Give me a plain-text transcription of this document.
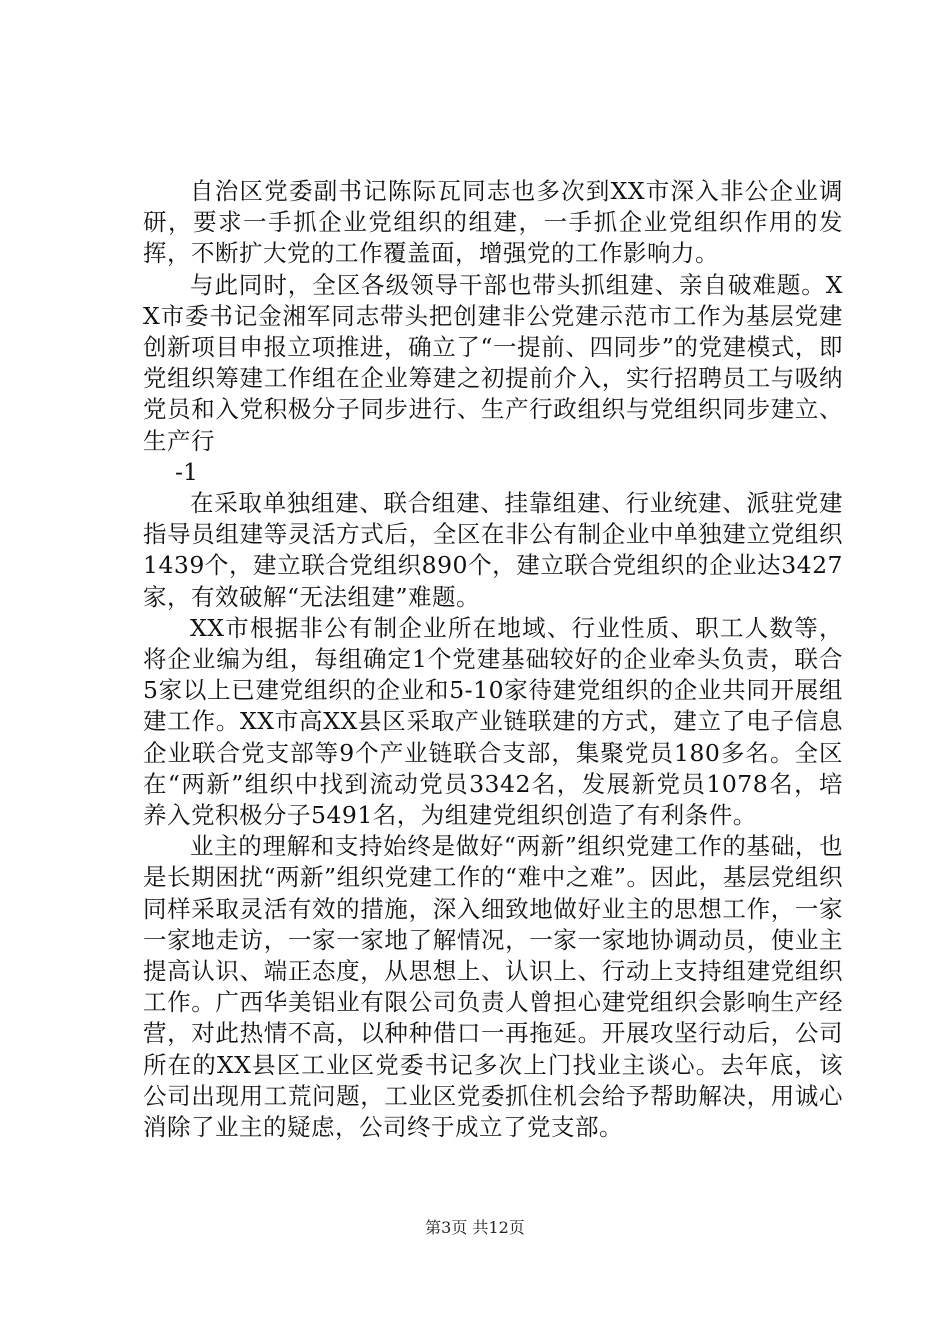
自治区党委副书记陈际瓦同志也多次到XX市深入非公企业调研，要求一手抓企业党组织的组建，一手抓企业党组织作用的发挥，不断扩大党的工作覆盖面，增强党的工作影响力。

与此同时，全区各级领导干部也带头抓组建、亲自破难题。XX市委书记金湘军同志带头把创建非公党建示范市工作为基层党建创新项目申报立项推进，确立了“一提前、四同步”的党建模式，即党组织筹建工作组在企业筹建之初提前介入，实行招聘员工与吸纳党员和入党积极分子同步进行、生产行政组织与党组织同步建立、生产行

-1

在采取单独组建、联合组建、挂靠组建、行业统建、派驻党建指导员组建等灵活方式后，全区在非公有制企业中单独建立党组织1439个，建立联合党组织890个，建立联合党组织的企业达3427家，有效破解“无法组建”难题。

XX市根据非公有制企业所在地域、行业性质、职工人数等，将企业编为组，每组确定1个党建基础较好的企业牵头负责，联合5家以上已建党组织的企业和5-10家待建党组织的企业共同开展组建工作。XX市高XX县区采取产业链联建的方式，建立了电子信息企业联合党支部等9个产业链联合支部，集聚党员180多名。全区在“两新”组织中找到流动党员3342名，发展新党员1078名，培养入党积极分子5491名，为组建党组织创造了有利条件。

业主的理解和支持始终是做好“两新”组织党建工作的基础，也是长期困扰“两新”组织党建工作的“难中之难”。因此，基层党组织同样采取灵活有效的措施，深入细致地做好业主的思想工作，一家一家地走访，一家一家地了解情况，一家一家地协调动员，使业主提高认识、端正态度，从思想上、认识上、行动上支持组建党组织工作。广西华美铝业有限公司负责人曾担心建党组织会影响生产经营，对此热情不高，以种种借口一再拖延。开展攻坚行动后，公司所在的XX县区工业区党委书记多次上门找业主谈心。去年底，该公司出现用工荒问题，工业区党委抓住机会给予帮助解决，用诚心消除了业主的疑虑，公司终于成立了党支部。

第3页 共12页
